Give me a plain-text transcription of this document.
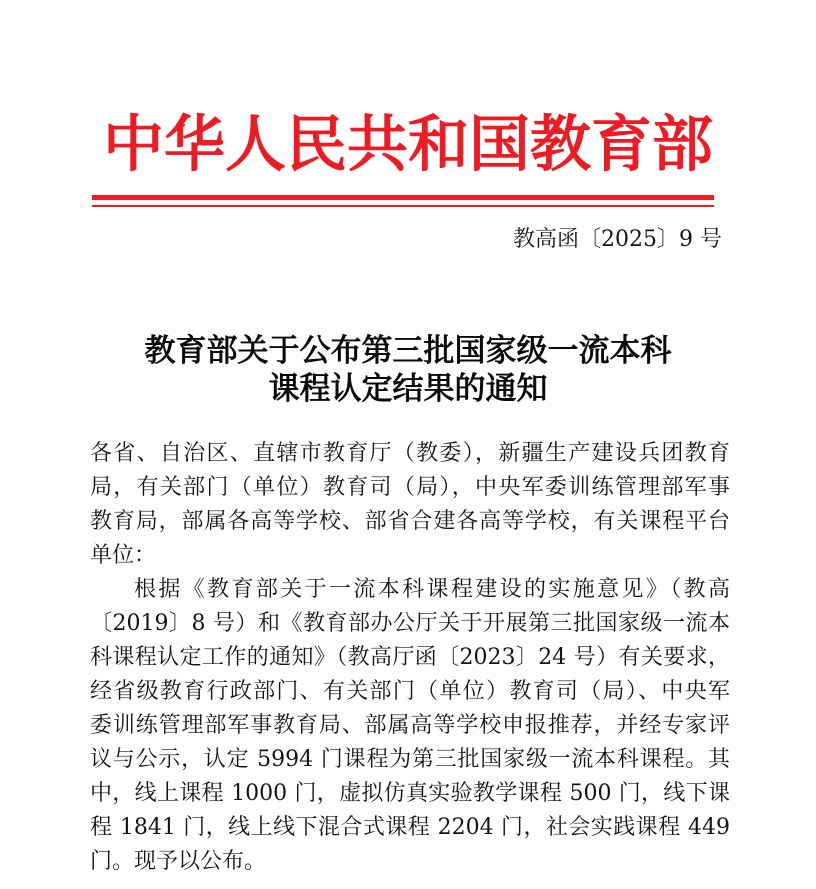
中华人民共和国教育部
教高函〔2025〕9 号
教育部关于公布第三批国家级一流本科
课程认定结果的通知
各省、自治区、直辖市教育厅（教委），新疆生产建设兵团教育
局，有关部门（单位）教育司（局），中央军委训练管理部军事
教育局，部属各高等学校、部省合建各高等学校，有关课程平台
单位：
根据《教育部关于一流本科课程建设的实施意见》（教高
〔2019〕8 号）和《教育部办公厅关于开展第三批国家级一流本
科课程认定工作的通知》（教高厅函〔2023〕24 号）有关要求，
经省级教育行政部门、有关部门（单位）教育司（局）、中央军
委训练管理部军事教育局、部属高等学校申报推荐，并经专家评
议与公示，认定 5994 门课程为第三批国家级一流本科课程。其
中，线上课程 1000 门，虚拟仿真实验教学课程 500 门，线下课
程 1841 门，线上线下混合式课程 2204 门，社会实践课程 449
门。现予以公布。
